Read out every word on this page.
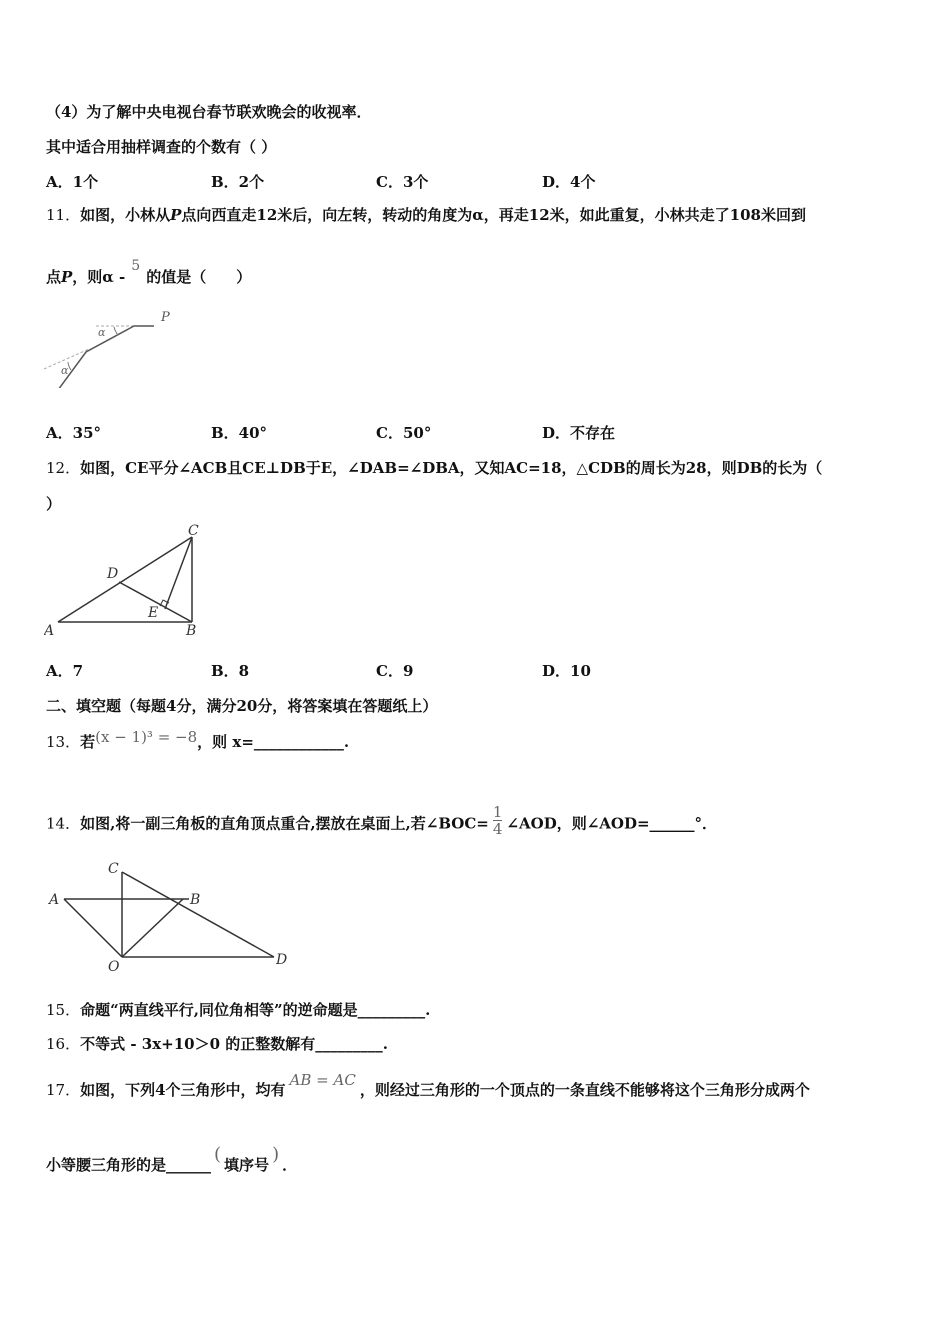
（4）为了解中央电视台春节联欢晚会的收视率．
其中适合用抽样调查的个数有（ ）
A．1个	B．2个	C．3个	D．4个
11．如图，小林从P点向西直走12米后，向左转，转动的角度为α，再走12米，如此重复，小林共走了108米回到
点P，则α -5的值是（　　）
α
α
P
A．35°	B．40°	C．50°	D．不存在
12．如图，CE平分∠ACB且CE⊥DB于E，∠DAB=∠DBA，又知AC=18，△CDB的周长为28，则DB的长为（
）
A	B
C
D
E
A．7	B．8	C．9	D．10
二、填空题（每题4分，满分20分，将答案填在答题纸上）
13．若(x − 1)³ = −8，则 x=____________.
14．如图,将一副三角板的直角顶点重合,摆放在桌面上,若∠BOC= $\frac{1}{4}$ ∠AOD，则∠AOD=______°．
A	B
C
D
O
15．命题“两直线平行,同位角相等”的逆命题是_________.
16．不等式 - 3x+10＞0 的正整数解有_________.
17．如图，下列4个三角形中，均有AB = AC，则经过三角形的一个顶点的一条直线不能够将这个三角形分成两个
小等腰三角形的是______ ( 填序号 ) ．
